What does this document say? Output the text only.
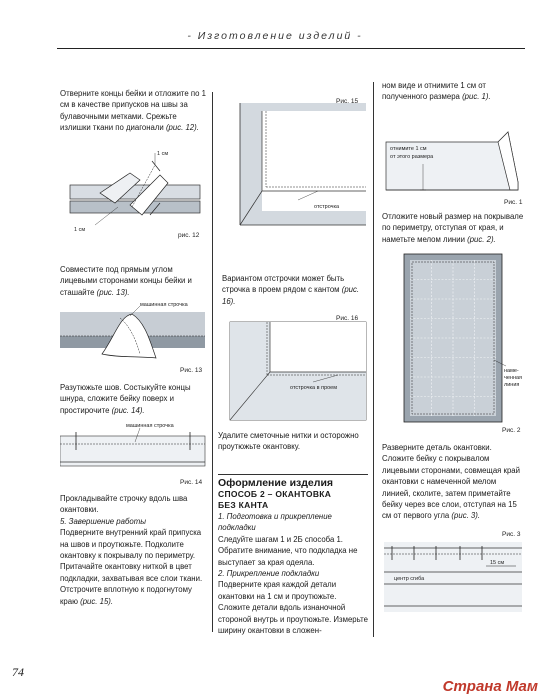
- Изготовление изделий -

Отверните концы бейки и отложите по 1 см в качестве припусков на швы за булавочными метками. Срежьте излишки ткани по диагонали (рис. 12).

1 см
1 см
рис. 12

Совместите под прямым углом лицевыми сторонами концы бейки и сташайте (рис. 13).

машинная строчка
Рис. 13

Разутюжьте шов. Состыкуйте концы шнура, сложите бейку поверх и простирочите (рис. 14).

машинная строчка
Рис. 14

Прокладывайте строчку вдоль шва окантовки.

5. Завершение работы

Подверните внутренний край припуска на швов и проутюжьте. Подколите окантовку к покрывалу по периметру. Притачайте окантовку ниткой в цвет подкладки, захватывая все слои ткани.

Отстрочите вплотную к подогнутому краю (рис. 15).

Рис. 15
отстрочка

Вариантом отстрочки может быть строчка в проем рядом с кантом (рис. 16).

Рис. 16
отстрочка в проем

Удалите сметочные нитки и осторожно проутюжьте окантовку.

Оформление изделия

СПОСОБ 2 – ОКАНТОВКА

БЕЗ КАНТА

1. Подготовка и прикрепление подкладки

Следуйте шагам 1 и 2Б способа 1. Обратите внимание, что подкладка не выступает за края одеяла.

2. Прикрепление подкладки

Подверните края каждой детали окантовки на 1 см и проутюжьте. Сложите детали вдоль изнаночной стороной внутрь и проутюжьте. Измерьте ширину окантовки в сложен-

ном виде и отнимите 1 см от полученного размера (рис. 1).

отнимите 1 см
от этого размера
Рис. 1

Отложите новый размер на покрывале по периметру, отступая от края, и наметьте мелом линии (рис. 2).

наме-
ченная
линия
Рис. 2

Разверните деталь окантовки. Сложите бейку с покрывалом лицевыми сторонами, совмещая край окантовки с намеченной мелом линией, сколите, затем приметайте бейку через все слои, отступая на 15 см от первого угла (рис. 3).

15 см
центр сгиба
Рис. 3
74
Страна Мам
